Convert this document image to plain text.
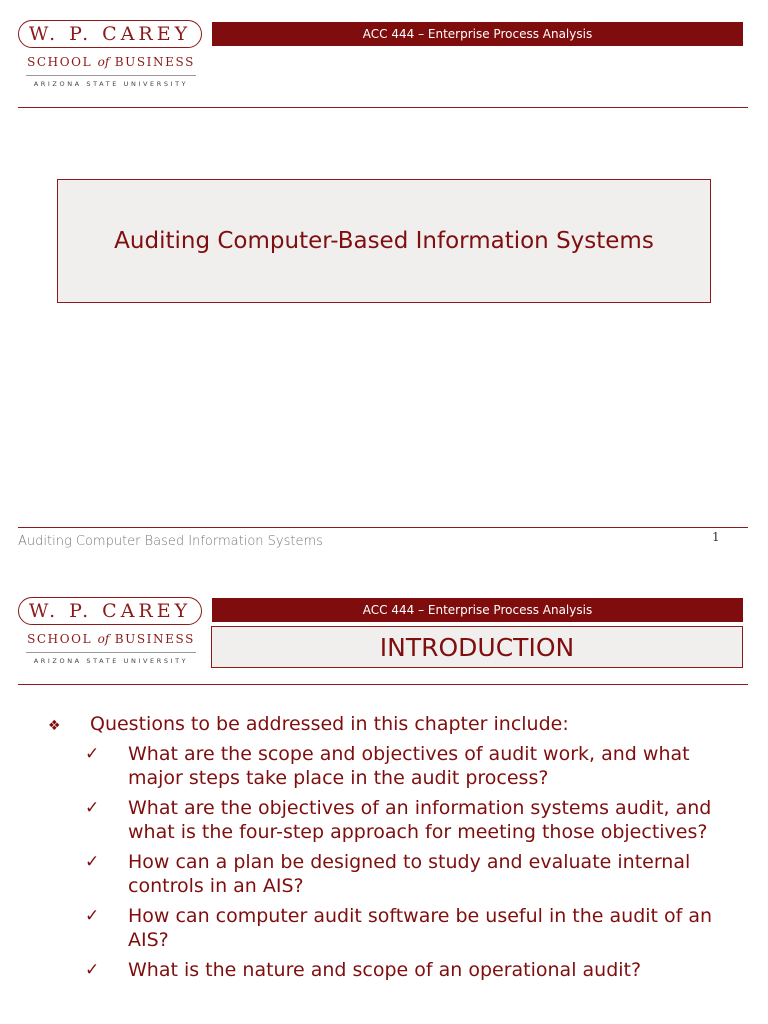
W. P. CAREY
SCHOOL of BUSINESS
ARIZONA STATE UNIVERSITY
ACC 444 – Enterprise Process Analysis
Auditing Computer-Based Information Systems
Auditing Computer Based Information Systems	1
W. P. CAREY
SCHOOL of BUSINESS
ARIZONA STATE UNIVERSITY
ACC 444 – Enterprise Process Analysis
INTRODUCTION
❖ Questions to be addressed in this chapter include:
✓ What are the scope and objectives of audit work, and what major steps take place in the audit process?
✓ What are the objectives of an information systems audit, and what is the four-step approach for meeting those objectives?
✓ How can a plan be designed to study and evaluate internal controls in an AIS?
✓ How can computer audit software be useful in the audit of an AIS?
✓ What is the nature and scope of an operational audit?
